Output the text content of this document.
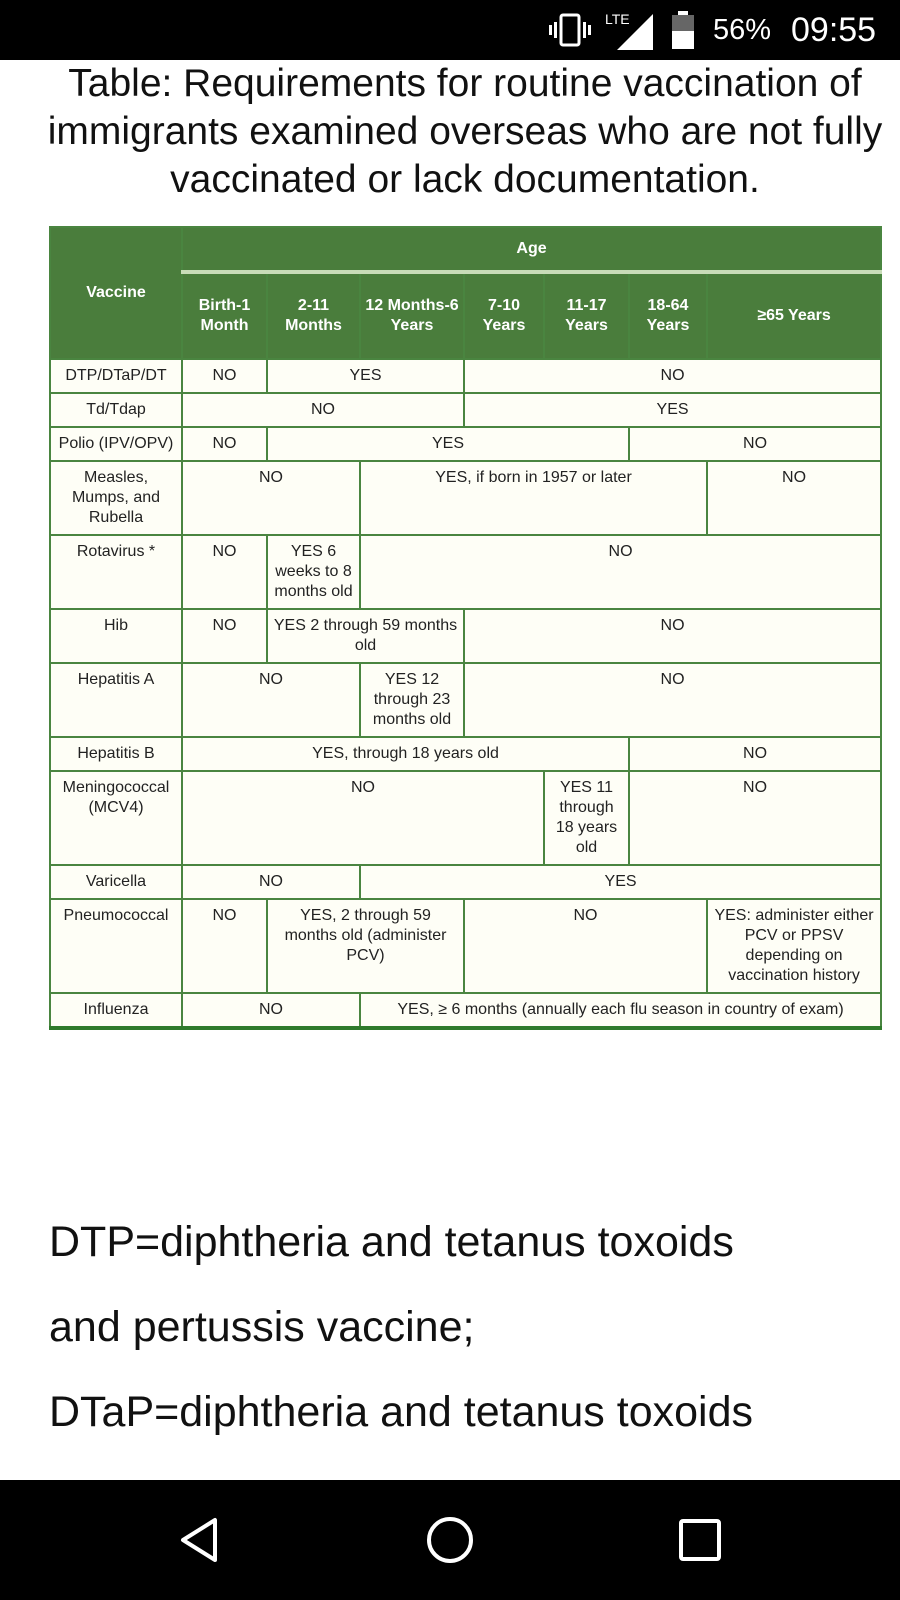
LTE	56% 09:55
Table: Requirements for routine vaccination of immigrants examined overseas who are not fully vaccinated or lack documentation.
Vaccine	Age						
	Birth-1 Month	2-11 Months	12 Months-6 Years	7-10 Years	11-17 Years	18-64 Years	≥65 Years
DTP/DTaP/DT	NO	YES		NO			
Td/Tdap	NO			YES			
Polio (IPV/OPV)	NO	YES				NO	
Measles, Mumps, and Rubella	NO		YES, if born in 1957 or later				NO
Rotavirus *	NO	YES 6 weeks to 8 months old	NO				
Hib	NO	YES 2 through 59 months old		NO			
Hepatitis A	NO		YES 12 through 23 months old	NO			
Hepatitis B	YES, through 18 years old					NO	
Meningococcal (MCV4)	NO				YES 11 through 18 years old	NO	
Varicella	NO		YES				
Pneumococcal	NO	YES, 2 through 59 months old (administer PCV)		NO			YES: administer either PCV or PPSV depending on vaccination history
Influenza	NO		YES, ≥ 6 months (annually each flu season in country of exam)				
DTP=diphtheria and tetanus toxoids
and pertussis vaccine;
DTaP=diphtheria and tetanus toxoids
